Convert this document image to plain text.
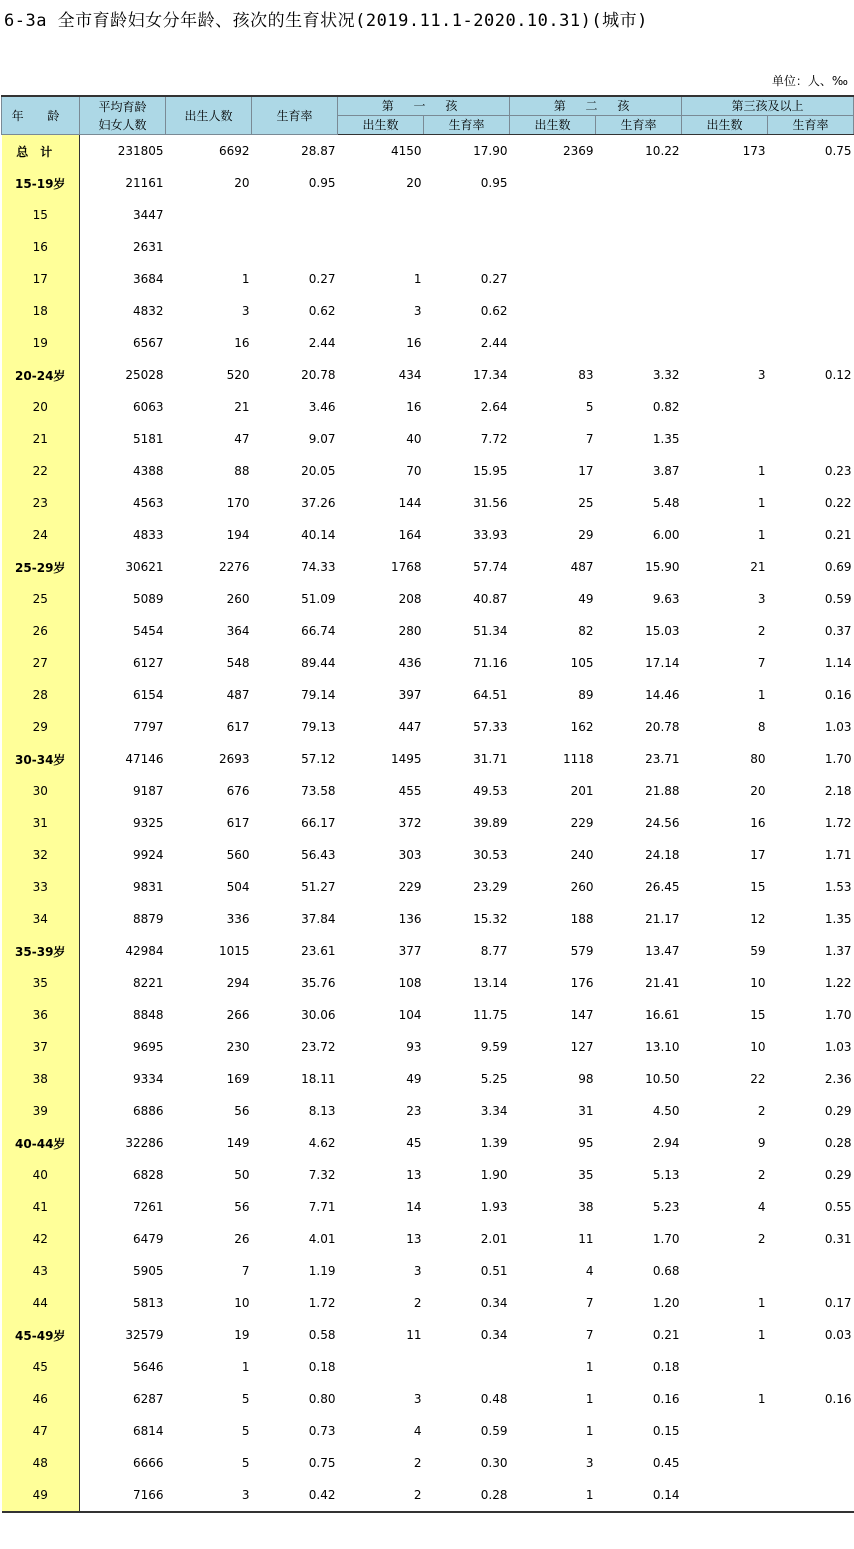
6-3a 全市育龄妇女分年龄、孩次的生育状况(2019.11.1-2020.10.31)(城市)
单位：人、‰
年 龄	平均育龄
妇女人数	出生人数	生育率	第 一 孩		第 二 孩		第三孩及以上	
				出生数	生育率	出生数	生育率	出生数	生育率
总计	231805	6692	28.87	4150	17.90	2369	10.22	173	0.75
15-19岁	21161	20	0.95	20	0.95				
15	3447								
16	2631								
17	3684	1	0.27	1	0.27				
18	4832	3	0.62	3	0.62				
19	6567	16	2.44	16	2.44				
20-24岁	25028	520	20.78	434	17.34	83	3.32	3	0.12
20	6063	21	3.46	16	2.64	5	0.82		
21	5181	47	9.07	40	7.72	7	1.35		
22	4388	88	20.05	70	15.95	17	3.87	1	0.23
23	4563	170	37.26	144	31.56	25	5.48	1	0.22
24	4833	194	40.14	164	33.93	29	6.00	1	0.21
25-29岁	30621	2276	74.33	1768	57.74	487	15.90	21	0.69
25	5089	260	51.09	208	40.87	49	9.63	3	0.59
26	5454	364	66.74	280	51.34	82	15.03	2	0.37
27	6127	548	89.44	436	71.16	105	17.14	7	1.14
28	6154	487	79.14	397	64.51	89	14.46	1	0.16
29	7797	617	79.13	447	57.33	162	20.78	8	1.03
30-34岁	47146	2693	57.12	1495	31.71	1118	23.71	80	1.70
30	9187	676	73.58	455	49.53	201	21.88	20	2.18
31	9325	617	66.17	372	39.89	229	24.56	16	1.72
32	9924	560	56.43	303	30.53	240	24.18	17	1.71
33	9831	504	51.27	229	23.29	260	26.45	15	1.53
34	8879	336	37.84	136	15.32	188	21.17	12	1.35
35-39岁	42984	1015	23.61	377	8.77	579	13.47	59	1.37
35	8221	294	35.76	108	13.14	176	21.41	10	1.22
36	8848	266	30.06	104	11.75	147	16.61	15	1.70
37	9695	230	23.72	93	9.59	127	13.10	10	1.03
38	9334	169	18.11	49	5.25	98	10.50	22	2.36
39	6886	56	8.13	23	3.34	31	4.50	2	0.29
40-44岁	32286	149	4.62	45	1.39	95	2.94	9	0.28
40	6828	50	7.32	13	1.90	35	5.13	2	0.29
41	7261	56	7.71	14	1.93	38	5.23	4	0.55
42	6479	26	4.01	13	2.01	11	1.70	2	0.31
43	5905	7	1.19	3	0.51	4	0.68		
44	5813	10	1.72	2	0.34	7	1.20	1	0.17
45-49岁	32579	19	0.58	11	0.34	7	0.21	1	0.03
45	5646	1	0.18			1	0.18		
46	6287	5	0.80	3	0.48	1	0.16	1	0.16
47	6814	5	0.73	4	0.59	1	0.15		
48	6666	5	0.75	2	0.30	3	0.45		
49	7166	3	0.42	2	0.28	1	0.14		
